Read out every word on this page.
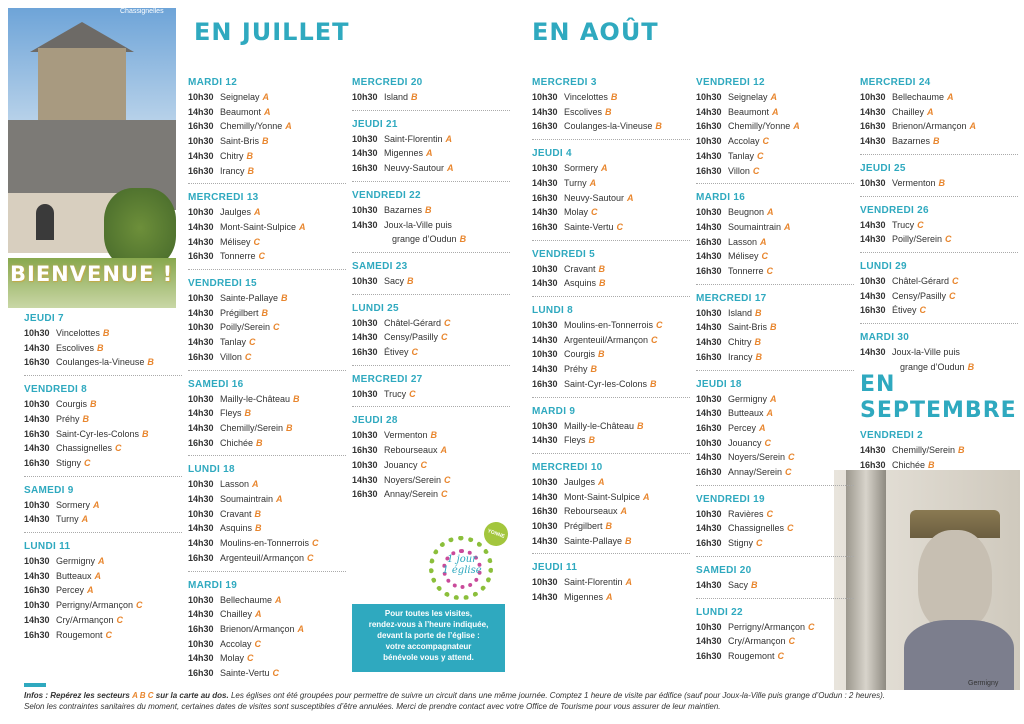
Chassignelles
BIENVENUE !
Germigny
EN JUILLET	EN AOÛT
EN SEPTEMBRE
JEUDI 7
10h30 Vincelottes B
14h30 Escolives B
16h30 Coulanges-la-Vineuse B
VENDREDI 8
10h30 Courgis B
14h30 Préhy B
16h30 Saint-Cyr-les-Colons B
14h30 Chassignelles C
16h30 Stigny C
SAMEDI 9
10h30 Sormery A
14h30 Turny A
LUNDI 11
10h30 Germigny A
14h30 Butteaux A
16h30 Percey A
10h30 Perrigny/Armançon C
14h30 Cry/Armançon C
16h30 Rougemont C
MARDI 12
10h30 Seignelay A
14h30 Beaumont A
16h30 Chemilly/Yonne A
10h30 Saint-Bris B
14h30 Chitry B
16h30 Irancy B
MERCREDI 13
10h30 Jaulges A
14h30 Mont-Saint-Sulpice A
14h30 Mélisey C
16h30 Tonnerre C
VENDREDI 15
10h30 Sainte-Pallaye B
14h30 Prégilbert B
10h30 Poilly/Serein C
14h30 Tanlay C
16h30 Villon C
SAMEDI 16
10h30 Mailly-le-Château B
14h30 Fleys B
14h30 Chemilly/Serein B
16h30 Chichée B
LUNDI 18
10h30 Lasson A
14h30 Soumaintrain A
10h30 Cravant B
14h30 Asquins B
14h30 Moulins-en-Tonnerrois C
16h30 Argenteuil/Armançon C
MARDI 19
10h30 Bellechaume A
14h30 Chailley A
16h30 Brienon/Armançon A
10h30 Accolay C
14h30 Molay C
16h30 Sainte-Vertu C
MERCREDI 20
10h30 Island B
JEUDI 21
10h30 Saint-Florentin A
14h30 Migennes A
16h30 Neuvy-Sautour A
VENDREDI 22
10h30 Bazarnes B
14h30 Joux-la-Ville puis
grange d’Oudun B
SAMEDI 23
10h30 Sacy B
LUNDI 25
10h30 Châtel-Gérard C
14h30 Censy/Pasilly C
16h30 Étivey C
MERCREDI 27
10h30 Trucy C
JEUDI 28
10h30 Vermenton B
16h30 Rebourseaux A
10h30 Jouancy C
14h30 Noyers/Serein C
16h30 Annay/Serein C
MERCREDI 3
10h30 Vincelottes B
14h30 Escolives B
16h30 Coulanges-la-Vineuse B
JEUDI 4
10h30 Sormery A
14h30 Turny A
16h30 Neuvy-Sautour A
14h30 Molay C
16h30 Sainte-Vertu C
VENDREDI 5
10h30 Cravant B
14h30 Asquins B
LUNDI 8
10h30 Moulins-en-Tonnerrois C
14h30 Argenteuil/Armançon C
10h30 Courgis B
14h30 Préhy B
16h30 Saint-Cyr-les-Colons B
MARDI 9
10h30 Mailly-le-Château B
14h30 Fleys B
MERCREDI 10
10h30 Jaulges A
14h30 Mont-Saint-Sulpice A
16h30 Rebourseaux A
10h30 Prégilbert B
14h30 Sainte-Pallaye B
JEUDI 11
10h30 Saint-Florentin A
14h30 Migennes A
VENDREDI 12
10h30 Seignelay A
14h30 Beaumont A
16h30 Chemilly/Yonne A
10h30 Accolay C
14h30 Tanlay C
16h30 Villon C
MARDI 16
10h30 Beugnon A
14h30 Soumaintrain A
16h30 Lasson A
14h30 Mélisey C
16h30 Tonnerre C
MERCREDI 17
10h30 Island B
14h30 Saint-Bris B
14h30 Chitry B
16h30 Irancy B
JEUDI 18
10h30 Germigny A
14h30 Butteaux A
16h30 Percey A
10h30 Jouancy C
14h30 Noyers/Serein C
16h30 Annay/Serein C
VENDREDI 19
10h30 Ravières C
14h30 Chassignelles C
16h30 Stigny C
SAMEDI 20
14h30 Sacy B
LUNDI 22
10h30 Perrigny/Armançon C
14h30 Cry/Armançon C
16h30 Rougemont C
MERCREDI 24
10h30 Bellechaume A
14h30 Chailley A
16h30 Brienon/Armançon A
14h30 Bazarnes B
JEUDI 25
10h30 Vermenton B
VENDREDI 26
14h30 Trucy C
14h30 Poilly/Serein C
LUNDI 29
10h30 Châtel-Gérard C
14h30 Censy/Pasilly C
16h30 Étivey C
MARDI 30
14h30 Joux-la-Ville puis
grange d’Oudun B
VENDREDI 2
14h30 Chemilly/Serein B
16h30 Chichée B
1 jour
1 église
YONNE
Pour toutes les visites,
rendez-vous à l’heure indiquée,
devant la porte de l’église :
votre accompagnateur
bénévole vous y attend.
Infos : Repérez les secteurs A B C sur la carte au dos. Les églises ont été groupées pour permettre de suivre un circuit dans une même journée. Comptez 1 heure de visite par édifice (sauf pour Joux-la-Ville puis grange d’Oudun : 2 heures). Selon les contraintes sanitaires du moment, certaines dates de visites sont susceptibles d’être annulées. Merci de prendre contact avec votre Office de Tourisme pour vous assurer de leur maintien.
